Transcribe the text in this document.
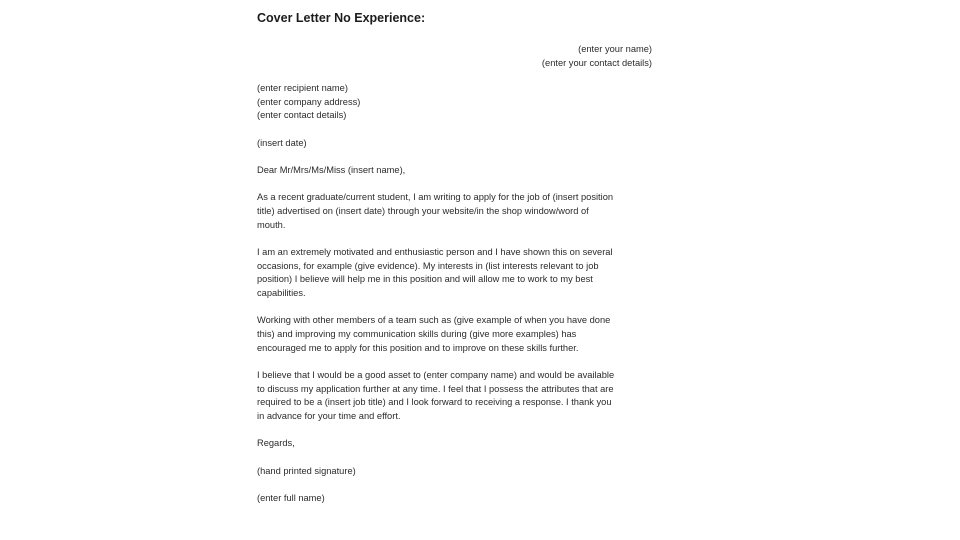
Cover Letter No Experience:
(enter your name)
(enter your contact details)
(enter recipient name)
(enter company address)
(enter contact details)
(insert date)
Dear Mr/Mrs/Ms/Miss (insert name),
As a recent graduate/current student, I am writing to apply for the job of (insert position
title) advertised on (insert date) through your website/in the shop window/word of
mouth.
I am an extremely motivated and enthusiastic person and I have shown this on several
occasions, for example (give evidence). My interests in (list interests relevant to job
position) I believe will help me in this position and will allow me to work to my best
capabilities.
Working with other members of a team such as (give example of when you have done
this) and improving my communication skills during (give more examples) has
encouraged me to apply for this position and to improve on these skills further.
I believe that I would be a good asset to (enter company name) and would be available
to discuss my application further at any time. I feel that I possess the attributes that are
required to be a (insert job title) and I look forward to receiving a response. I thank you
in advance for your time and effort.
Regards,
(hand printed signature)
(enter full name)
